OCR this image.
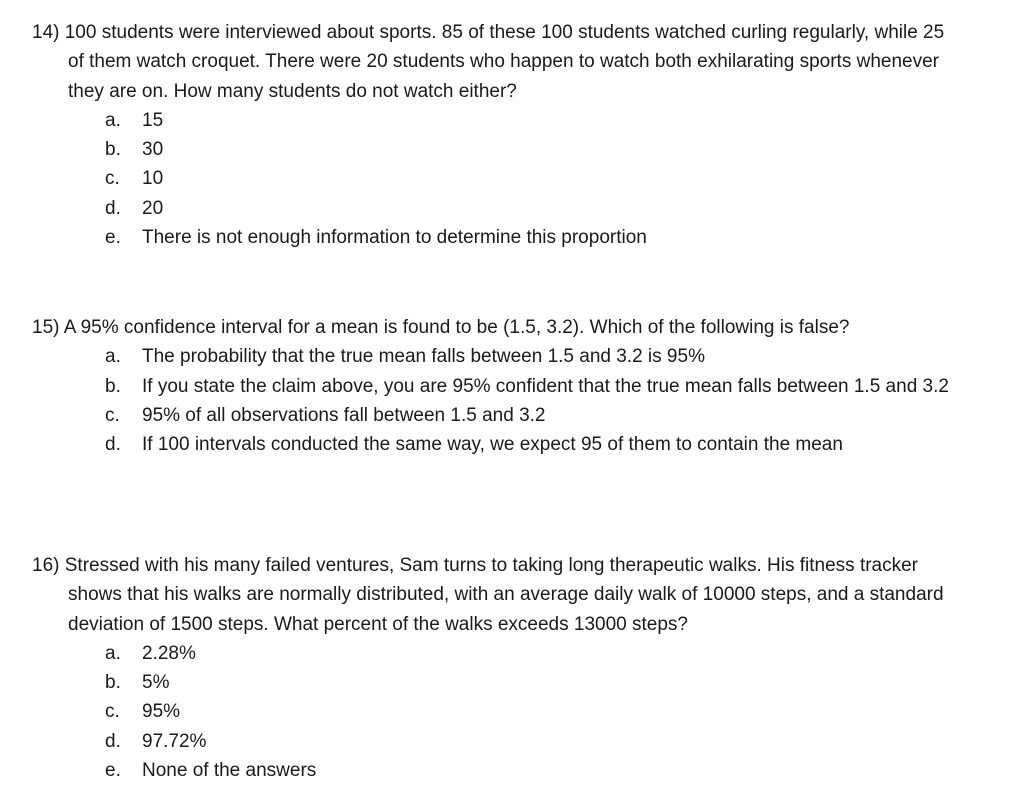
14) 100 students were interviewed about sports. 85 of these 100 students watched curling regularly, while 25 of them watch croquet. There were 20 students who happen to watch both exhilarating sports whenever they are on. How many students do not watch either?

a. 15
b. 30
c. 10
d. 20
e. There is not enough information to determine this proportion

15) A 95% confidence interval for a mean is found to be (1.5, 3.2). Which of the following is false?

a. The probability that the true mean falls between 1.5 and 3.2 is 95%
b. If you state the claim above, you are 95% confident that the true mean falls between 1.5 and 3.2
c. 95% of all observations fall between 1.5 and 3.2
d. If 100 intervals conducted the same way, we expect 95 of them to contain the mean

16) Stressed with his many failed ventures, Sam turns to taking long therapeutic walks. His fitness tracker shows that his walks are normally distributed, with an average daily walk of 10000 steps, and a standard deviation of 1500 steps. What percent of the walks exceeds 13000 steps?

a. 2.28%
b. 5%
c. 95%
d. 97.72%
e. None of the answers
